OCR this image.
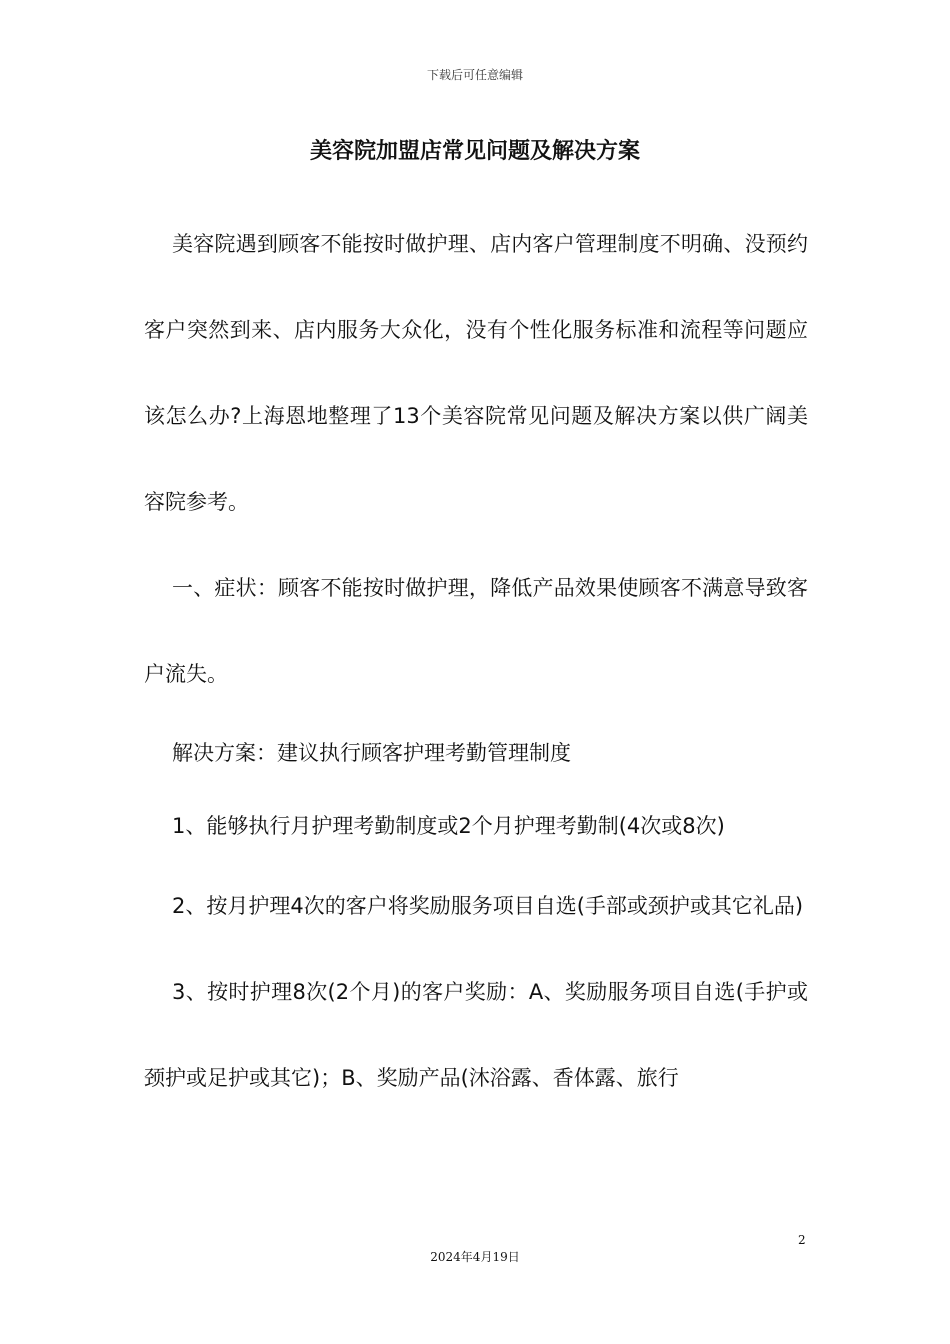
下载后可任意编辑
美容院加盟店常见问题及解决方案

美容院遇到顾客不能按时做护理、店内客户管理制度不明确、没预约客户突然到来、店内服务大众化，没有个性化服务标准和流程等问题应该怎么办?上海恩地整理了13个美容院常见问题及解决方案以供广阔美容院参考。

一、症状：顾客不能按时做护理，降低产品效果使顾客不满意导致客户流失。

解决方案：建议执行顾客护理考勤管理制度

1、能够执行月护理考勤制度或2个月护理考勤制(4次或8次)

2、按月护理4次的客户将奖励服务项目自选(手部或颈护或其它礼品)

3、按时护理8次(2个月)的客户奖励：A、奖励服务项目自选(手护或颈护或足护或其它)；B、奖励产品(沐浴露、香体露、旅行

2
2024年4月19日
